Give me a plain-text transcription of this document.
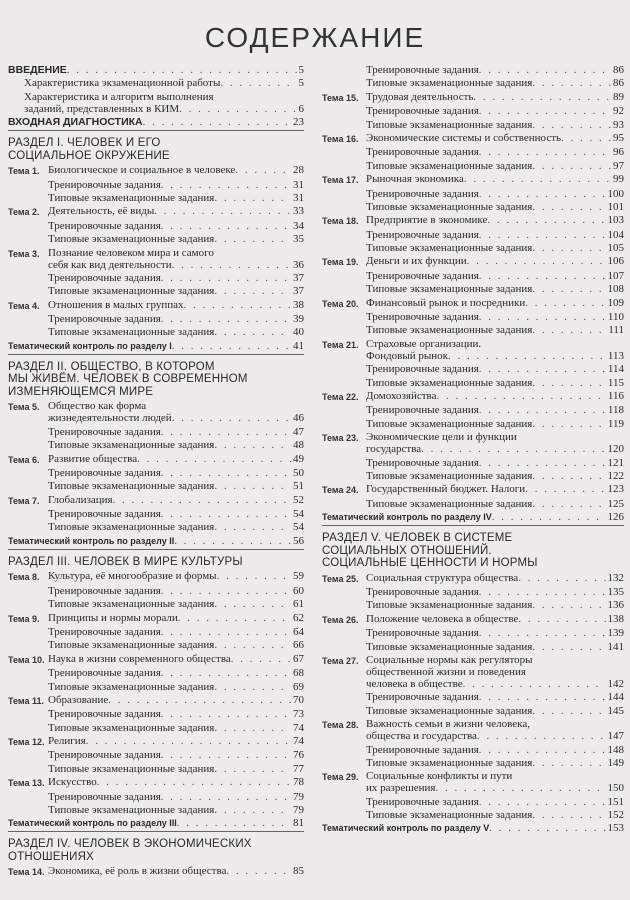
СОДЕРЖАНИЕ
ВВЕДЕНИЕ . . .	5
Характеристика экзаменационной работы . . .	5
Характеристика и алгоритм выполнения
заданий, представленных в КИМ . . .	6
ВХОДНАЯ ДИАГНОСТИКА . . .	23
РАЗДЕЛ I. ЧЕЛОВЕК И ЕГО
СОЦИАЛЬНОЕ ОКРУЖЕНИЕ
Тема 1. Биологическое и социальное в человеке . . .	28
Тренировочные задания . . .	31
Типовые экзаменационные задания . . .	31
Тема 2. Деятельность, её виды . . .	33
Тренировочные задания . . .	34
Типовые экзаменационные задания . . .	35
Тема 3. Познание человеком мира и самого
себя как вид деятельности . . .	36
Тренировочные задания . . .	37
Типовые экзаменационные задания . . .	37
Тема 4. Отношения в малых группах . . .	38
Тренировочные задания . . .	39
Типовые экзаменационные задания . . .	40
Тематический контроль по разделу I . . .	41
РАЗДЕЛ II. ОБЩЕСТВО, В КОТОРОМ
МЫ ЖИВЁМ. ЧЕЛОВЕК В СОВРЕМЕННОМ
ИЗМЕНЯЮЩЕМСЯ МИРЕ
Тема 5. Общество как форма
жизнедеятельности людей . . .	46
Тренировочные задания . . .	47
Типовые экзаменационные задания . . .	48
Тема 6. Развитие общества . . .	49
Тренировочные задания . . .	50
Типовые экзаменационные задания . . .	51
Тема 7. Глобализация . . .	52
Тренировочные задания . . .	54
Типовые экзаменационные задания . . .	54
Тематический контроль по разделу II . . .	56
РАЗДЕЛ III. ЧЕЛОВЕК В МИРЕ КУЛЬТУРЫ
Тема 8. Культура, её многообразие и формы . . .	59
Тренировочные задания . . .	60
Типовые экзаменационные задания . . .	61
Тема 9. Принципы и нормы морали . . .	62
Тренировочные задания . . .	64
Типовые экзаменационные задания . . .	66
Тема 10. Наука в жизни современного общества . . .	67
Тренировочные задания . . .	68
Типовые экзаменационные задания . . .	69
Тема 11. Образование . . .	70
Тренировочные задания . . .	73
Типовые экзаменационные задания . . .	74
Тема 12. Религия . . .	74
Тренировочные задания . . .	76
Типовые экзаменационные задания . . .	77
Тема 13. Искусство . . .	78
Тренировочные задания . . .	79
Типовые экзаменационные задания . . .	79
Тематический контроль по разделу III . . .	81
РАЗДЕЛ IV. ЧЕЛОВЕК В ЭКОНОМИЧЕСКИХ
ОТНОШЕНИЯХ
Тема 14. Экономика, её роль в жизни общества . . .	85
Тренировочные задания . . .	86
Типовые экзаменационные задания . . .	86
Тема 15. Трудовая деятельность . . .	89
Тренировочные задания . . .	92
Типовые экзаменационные задания . . .	93
Тема 16. Экономические системы и собственность . . .	95
Тренировочные задания . . .	96
Типовые экзаменационные задания . . .	97
Тема 17. Рыночная экономика . . .	99
Тренировочные задания . . .	100
Типовые экзаменационные задания . . .	101
Тема 18. Предприятие в экономике . . .	103
Тренировочные задания . . .	104
Типовые экзаменационные задания . . .	105
Тема 19. Деньги и их функции . . .	106
Тренировочные задания . . .	107
Типовые экзаменационные задания . . .	108
Тема 20. Финансовый рынок и посредники . . .	109
Тренировочные задания . . .	110
Типовые экзаменационные задания . . .	111
Тема 21. Страховые организации.
Фондовый рынок . . .	113
Тренировочные задания . . .	114
Типовые экзаменационные задания . . .	115
Тема 22. Домохозяйства . . .	116
Тренировочные задания . . .	118
Типовые экзаменационные задания . . .	119
Тема 23. Экономические цели и функции
государства . . .	120
Тренировочные задания . . .	121
Типовые экзаменационные задания . . .	122
Тема 24. Государственный бюджет. Налоги . . .	123
Типовые экзаменационные задания . . .	125
Тематический контроль по разделу IV . . .	126
РАЗДЕЛ V. ЧЕЛОВЕК В СИСТЕМЕ
СОЦИАЛЬНЫХ ОТНОШЕНИЙ.
СОЦИАЛЬНЫЕ ЦЕННОСТИ И НОРМЫ
Тема 25. Социальная структура общества . . .	132
Тренировочные задания . . .	135
Типовые экзаменационные задания . . .	136
Тема 26. Положение человека в обществе . . .	138
Тренировочные задания . . .	139
Типовые экзаменационные задания . . .	141
Тема 27. Социальные нормы как регуляторы
общественной жизни и поведения
человека в обществе . . .	142
Тренировочные задания . . .	144
Типовые экзаменационные задания . . .	145
Тема 28. Важность семьи в жизни человека,
общества и государства . . .	147
Тренировочные задания . . .	148
Типовые экзаменационные задания . . .	149
Тема 29. Социальные конфликты и пути
их разрешения . . .	150
Тренировочные задания . . .	151
Типовые экзаменационные задания . . .	152
Тематический контроль по разделу V . . .	153
